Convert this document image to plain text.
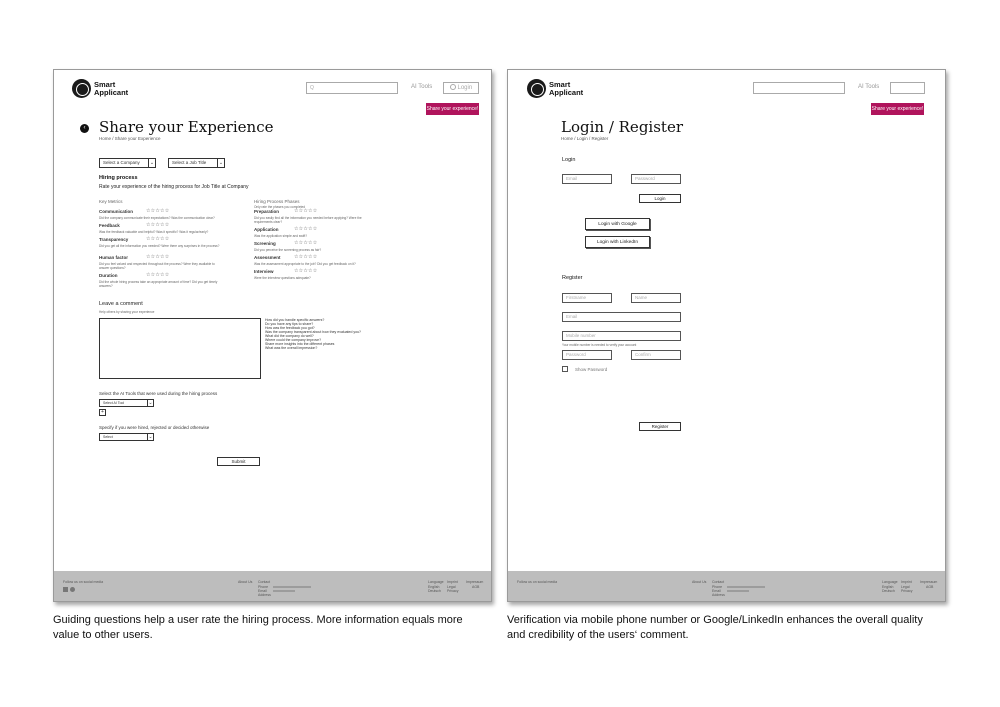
Smart
Applicant	Q	AI Tools	Login
Share your experience!
‹ Share your Experience
Home / Share your Experience
Select a Company	⌄	Select a Job Title	⌄
Hiring process
Rate your experience of the hiring process for Job Title at Company
Key Metrics
Communication	☆☆☆☆☆
Did the company communicate their expectations? Was the communication clear?
Feedback	☆☆☆☆☆
Was the feedback valuable and helpful? Was it specific? Was it regular/early?
Transparency	☆☆☆☆☆
Did you get all the information you needed? Were there any surprises in the process?
Human factor	☆☆☆☆☆
Did you feel valued and respected throughout the process? Were they available to answer questions?
Duration	☆☆☆☆☆
Did the whole hiring process take an appropriate amount of time? Did you get timely answers?
Hiring Process Phases
Only rate the phases you completed
Preparation	☆☆☆☆☆
Did you easily find all the information you needed before applying? Were the requirements clear?
Application	☆☆☆☆☆
Was the application simple and swift?
Screening	☆☆☆☆☆
Did you perceive the screening process as fair?
Assessment	☆☆☆☆☆
Was the assessment appropriate to the job? Did you get feedback on it?
Interview	☆☆☆☆☆
Were the interview questions adequate?
Leave a comment
Help others by sharing your experience
How did you handle specific answers?
Do you have any tips to share?
How was the feedback you got?
Was the company transparent about how they evaluated you?
What did the company do well?
Where could the company improve?
Share more insights into the different phases
What was the overall impression?
Select the AI Tools that were used during the hiring process
Select AI Tool	⌄
+
Specify if you were hired, rejected or decided otherwise
Select	⌄
Submit
Follow us on social media	About Us Contact
Phone
Email
Address
Language
English
Deutsch
Imprint
Legal
Privacy
Impressum
AGB
Smart
Applicant
AI Tools
Share your experience!
Login / Register
Home / Login / Register
Login
Email	Password
Login
Login with Google
Login with LinkedIn
Register
Firstname	Name
Email
Mobile number
Your mobile number is needed to verify your account
Password	Confirm
Show Password
Register
Follow us on social media	About Us Contact
Phone
Email
Address
Language
English
Deutsch
Imprint
Legal
Privacy
Impressum
AGB
Guiding questions help a user rate the hiring process. More information equals more value to other users.
Verification via mobile phone number or Google/LinkedIn enhances the overall quality and credibility of the users‘ comment.
